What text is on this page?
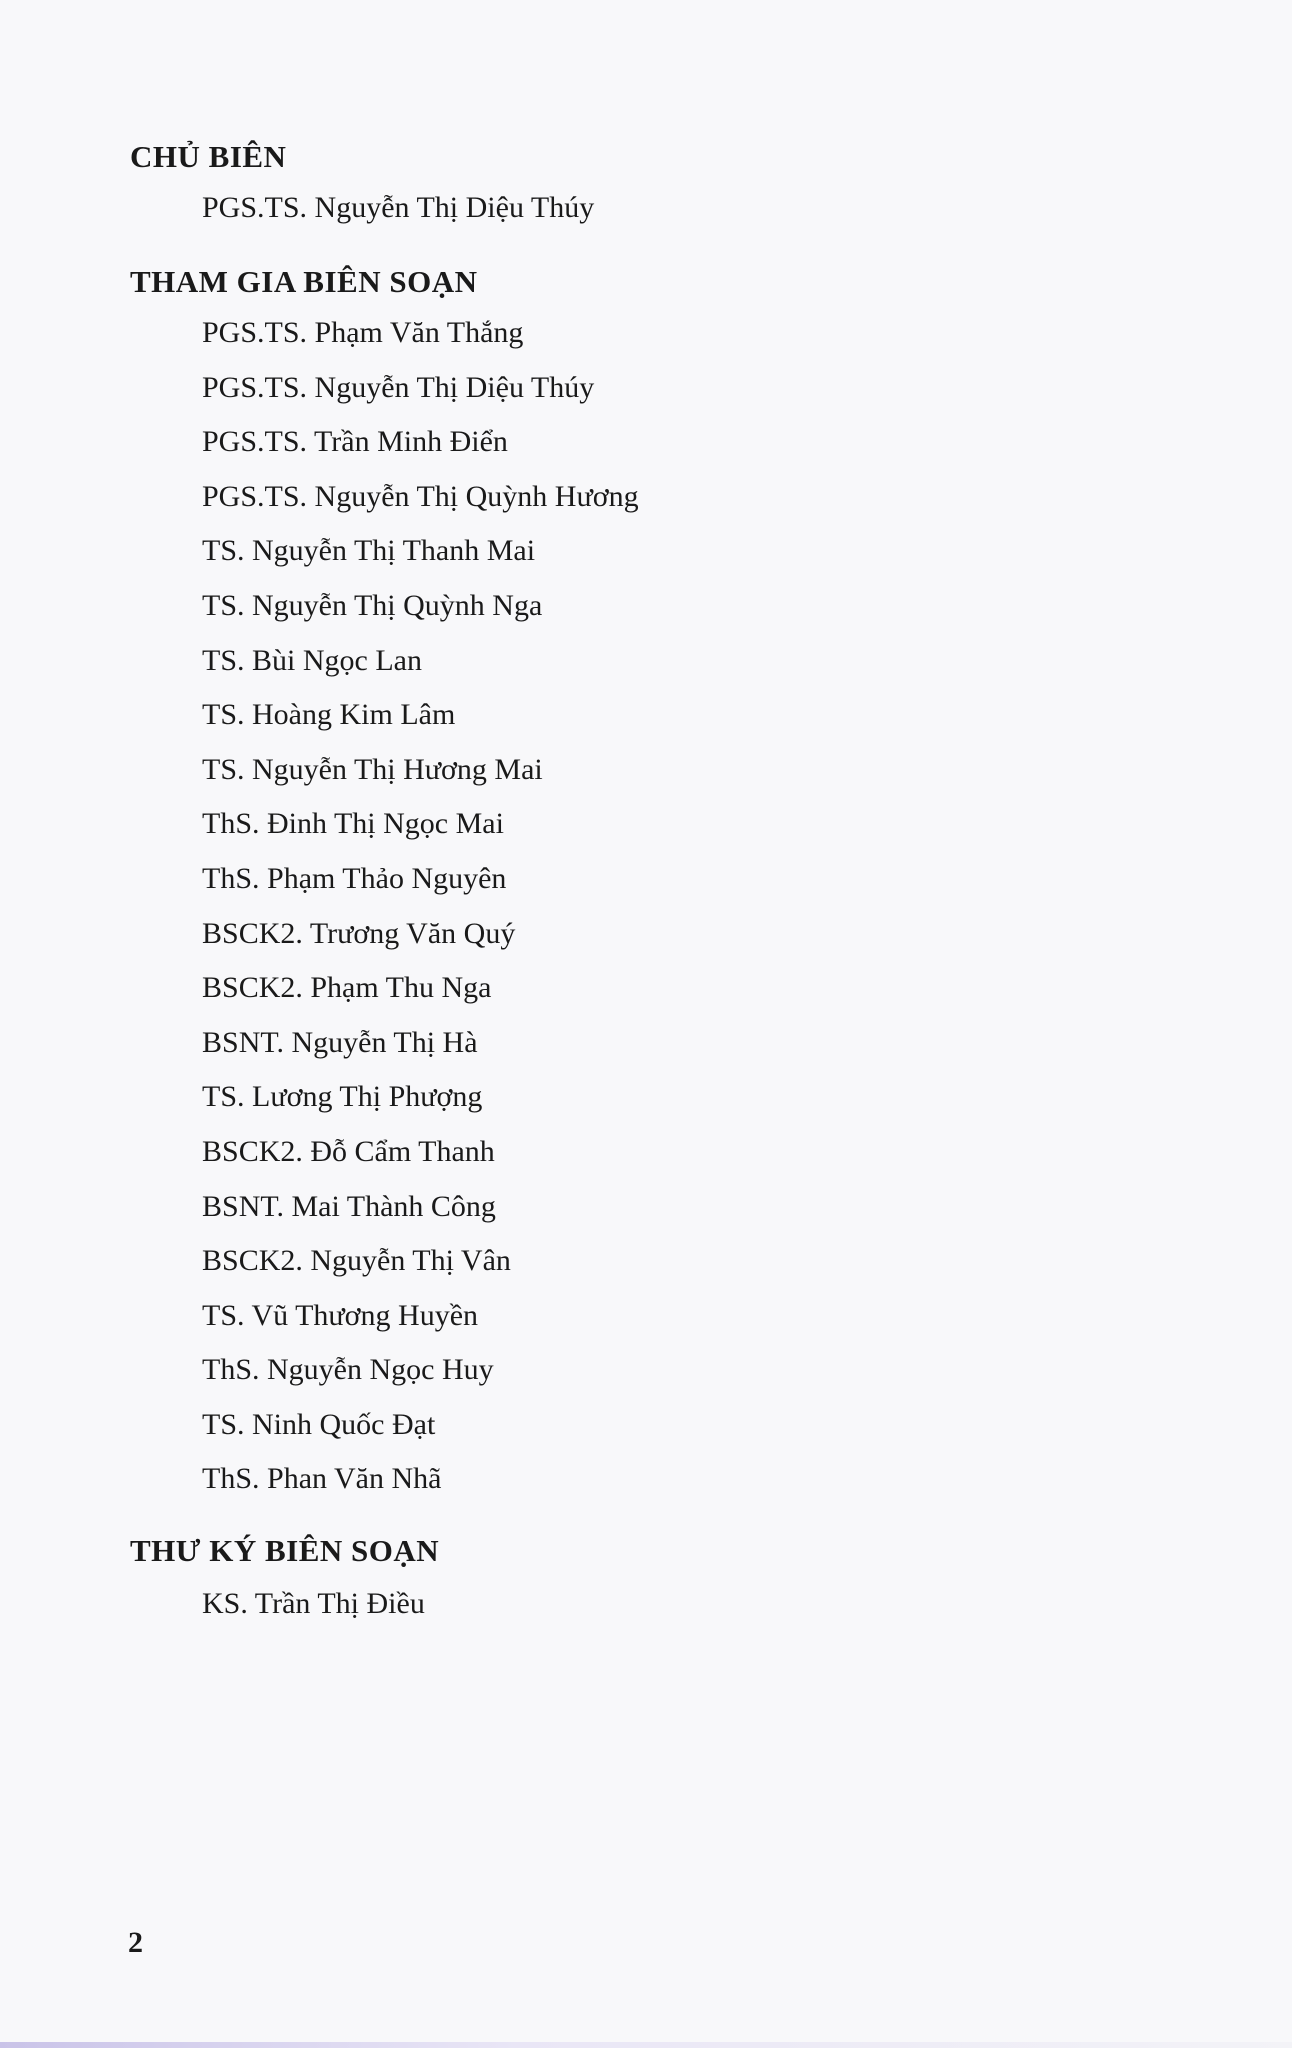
CHỦ BIÊN

PGS.TS. Nguyễn Thị Diệu Thúy

THAM GIA BIÊN SOẠN
PGS.TS. Phạm Văn Thắng
PGS.TS. Nguyễn Thị Diệu Thúy
PGS.TS. Trần Minh Điển
PGS.TS. Nguyễn Thị Quỳnh Hương
TS. Nguyễn Thị Thanh Mai
TS. Nguyễn Thị Quỳnh Nga
TS. Bùi Ngọc Lan
TS. Hoàng Kim Lâm
TS. Nguyễn Thị Hương Mai
ThS. Đinh Thị Ngọc Mai
ThS. Phạm Thảo Nguyên
BSCK2. Trương Văn Quý
BSCK2. Phạm Thu Nga
BSNT. Nguyễn Thị Hà
TS. Lương Thị Phượng
BSCK2. Đỗ Cẩm Thanh
BSNT. Mai Thành Công
BSCK2. Nguyễn Thị Vân
TS. Vũ Thương Huyền
ThS. Nguyễn Ngọc Huy
TS. Ninh Quốc Đạt
ThS. Phan Văn Nhã
THƯ KÝ BIÊN SOẠN

KS. Trần Thị Điều

2
